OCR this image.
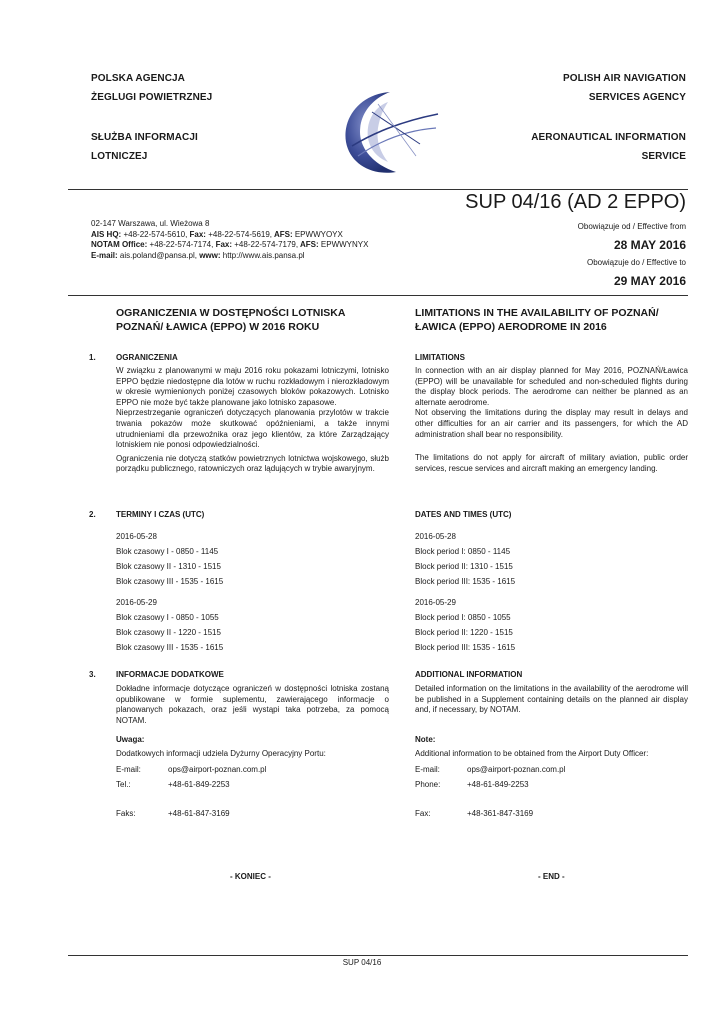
POLSKA AGENCJA
ŻEGLUGI POWIETRZNEJ
SŁUŻBA INFORMACJI
LOTNICZEJ
POLISH AIR NAVIGATION
SERVICES AGENCY
AERONAUTICAL INFORMATION
SERVICE
SUP 04/16 (AD 2 EPPO)
02-147 Warszawa, ul. Wieżowa 8
AIS HQ: +48-22-574-5610, Fax: +48-22-574-5619, AFS: EPWWYOYX
NOTAM Office: +48-22-574-7174, Fax: +48-22-574-7179, AFS: EPWWYNYX
E-mail: ais.poland@pansa.pl, www: http://www.ais.pansa.pl
Obowiązuje od / Effective from
28 MAY 2016
Obowiązuje do / Effective to
29 MAY 2016
OGRANICZENIA W DOSTĘPNOŚCI LOTNISKA POZNAŃ/ ŁAWICA (EPPO) W 2016 ROKU
LIMITATIONS IN THE AVAILABILITY OF POZNAŃ/ŁAWICA (EPPO) AERODROME IN 2016
1.	OGRANICZENIA	LIMITATIONS
W związku z planowanymi w maju 2016 roku pokazami lotniczymi, lotnisko EPPO będzie niedostępne dla lotów w ruchu rozkładowym i nierozkładowym w okresie wymienionych poniżej czasowych bloków pokazowych. Lotnisko EPPO nie może być także planowane jako lotnisko zapasowe.
Nieprzestrzeganie ograniczeń dotyczących planowania przylotów w trakcie trwania pokazów może skutkować opóźnieniami, a także innymi utrudnieniami dla przewoźnika oraz jego klientów, za które Zarządzający lotniskiem nie ponosi odpowiedzialności.
Ograniczenia nie dotyczą statków powietrznych lotnictwa wojskowego, służb porządku publicznego, ratowniczych oraz lądujących w trybie awaryjnym.
In connection with an air display planned for May 2016, POZNAŃ/Ławica (EPPO) will be unavailable for scheduled and non-scheduled flights during the display block periods. The aerodrome can neither be planned as an alternate aerodrome.
Not observing the limitations during the display may result in delays and other difficulties for an air carrier and its passengers, for which the AD administration shall bear no responsibility.
The limitations do not apply for aircraft of military aviation, public order services, rescue services and aircraft making an emergency landing.
2.	TERMINY I CZAS (UTC)	DATES AND TIMES (UTC)
2016-05-28
Blok czasowy I - 0850 - 1145
Blok czasowy II - 1310 - 1515
Blok czasowy III - 1535 - 1615
2016-05-29
Blok czasowy I - 0850 - 1055
Blok czasowy II - 1220 - 1515
Blok czasowy III - 1535 - 1615
2016-05-28
Block period I: 0850 - 1145
Block period II: 1310 - 1515
Block period III: 1535 - 1615
2016-05-29
Block period I: 0850 - 1055
Block period II: 1220 - 1515
Block period III: 1535 - 1615
3.	INFORMACJE DODATKOWE	ADDITIONAL INFORMATION
Dokładne informacje dotyczące ograniczeń w dostępności lotniska zostaną opublikowane w formie suplementu, zawierającego informacje o planowanych pokazach, oraz jeśli wystąpi taka potrzeba, za pomocą NOTAM.
Detailed information on the limitations in the availability of the aerodrome will be published in a Supplement containing details on the planned air display and, if necessary, by NOTAM.
Uwaga:	Note:
Dodatkowych informacji udziela Dyżurny Operacyjny Portu:	Additional information to be obtained from the Airport Duty Officer:
E-mail:	ops@airport-poznan.com.pl
Tel.:	+48-61-849-2253
Faks:	+48-61-847-3169
E-mail:	ops@airport-poznan.com.pl
Phone:	+48-61-849-2253
Fax:	+48-361-847-3169
- KONIEC -	- END -
SUP 04/16
